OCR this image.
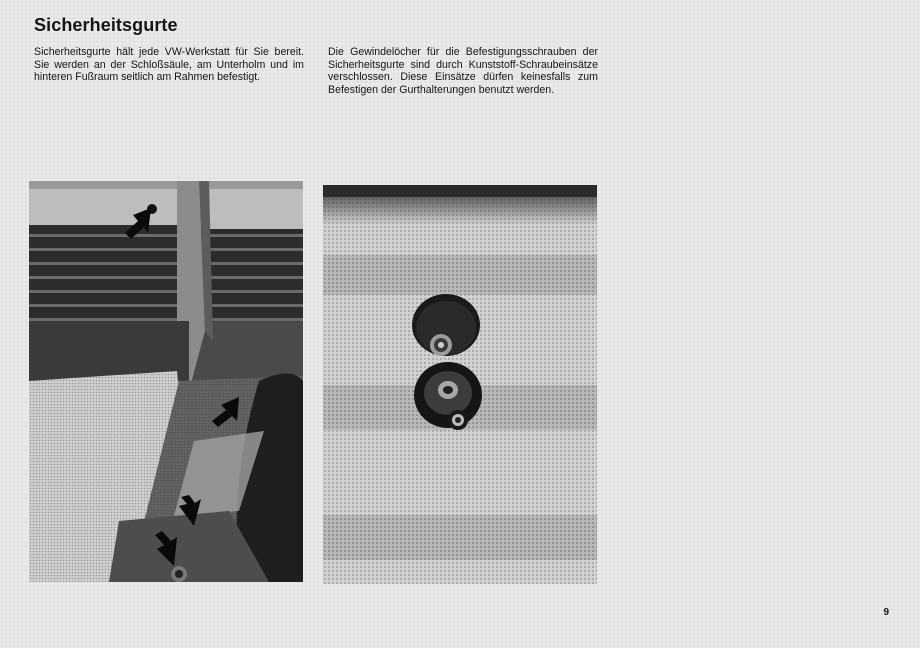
Sicherheitsgurte

Sicherheitsgurte hält jede VW-Werkstatt für Sie bereit. Sie werden an der Schloßsäule, am Unterholm und im hinteren Fußraum seitlich am Rahmen befestigt.

Die Gewindelöcher für die Befestigungsschrauben der Sicherheitsgurte sind durch Kunststoff-Schraubeinsätze verschlossen. Diese Einsätze dürfen keinesfalls zum Befestigen der Gurthalterungen benutzt werden.

9
